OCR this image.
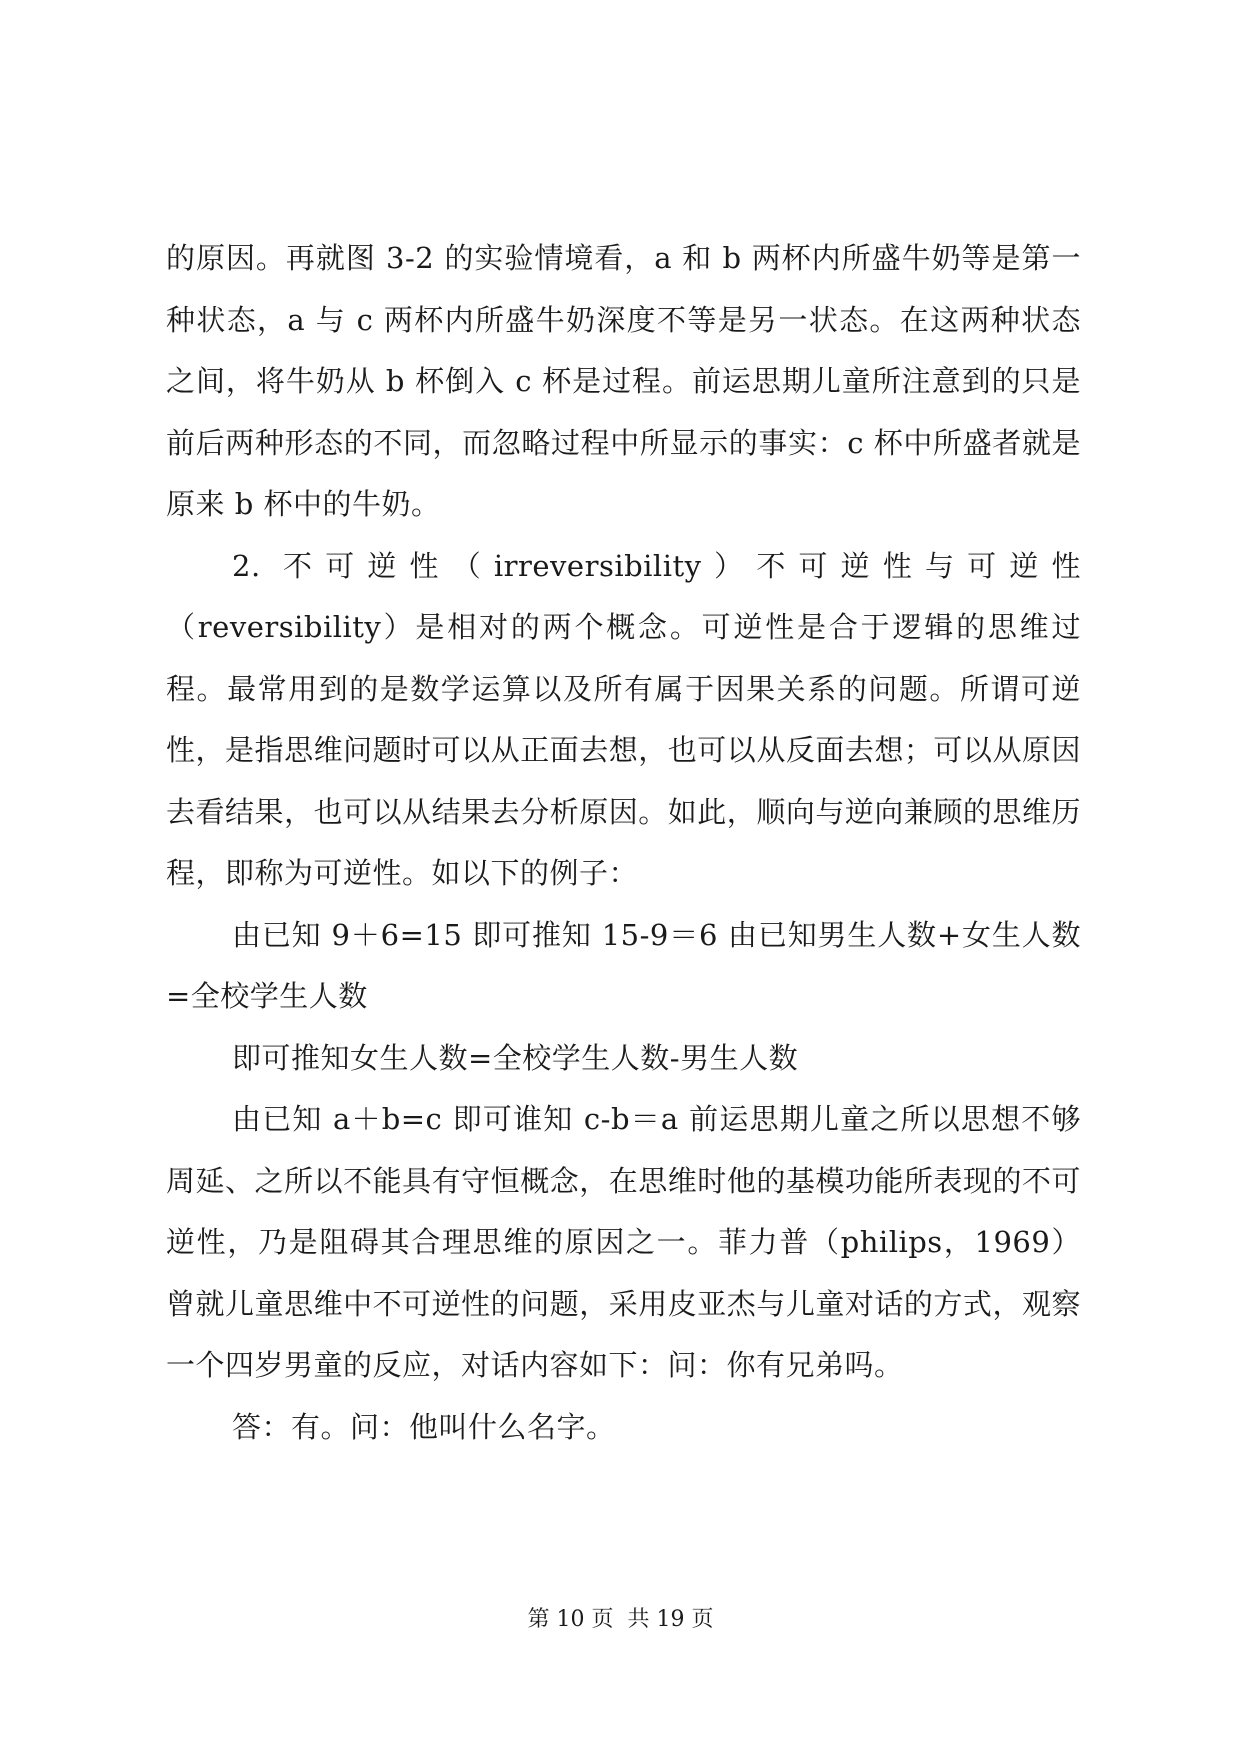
的原因。再就图 3-2 的实验情境看，a 和 b 两杯内所盛牛奶等是第一种状态，a 与 c 两杯内所盛牛奶深度不等是另一状态。在这两种状态之间，将牛奶从 b 杯倒入 c 杯是过程。前运思期儿童所注意到的只是前后两种形态的不同，而忽略过程中所显示的事实：c 杯中所盛者就是原来 b 杯中的牛奶。

2. 不可逆性（irreversibility）不可逆性与可逆性（reversibility）是相对的两个概念。可逆性是合于逻辑的思维过程。最常用到的是数学运算以及所有属于因果关系的问题。所谓可逆性，是指思维问题时可以从正面去想，也可以从反面去想；可以从原因去看结果，也可以从结果去分析原因。如此，顺向与逆向兼顾的思维历程，即称为可逆性。如以下的例子：

由已知 9＋6=15 即可推知 15-9＝6 由已知男生人数+女生人数=全校学生人数

即可推知女生人数=全校学生人数-男生人数

由已知 a＋b=c 即可谁知 c-b＝a 前运思期儿童之所以思想不够周延、之所以不能具有守恒概念，在思维时他的基模功能所表现的不可逆性，乃是阻碍其合理思维的原因之一。菲力普（philips，1969）曾就儿童思维中不可逆性的问题，采用皮亚杰与儿童对话的方式，观察一个四岁男童的反应，对话内容如下：问：你有兄弟吗。

答：有。问：他叫什么名字。

第 10 页  共 19 页
